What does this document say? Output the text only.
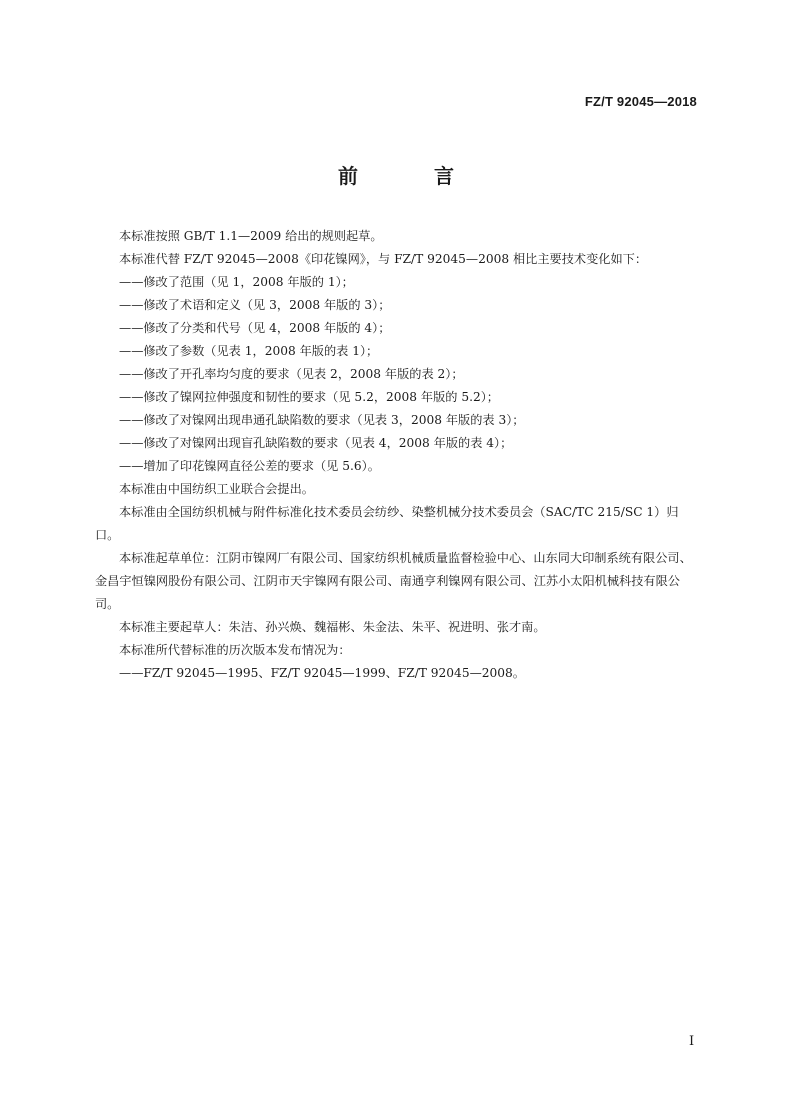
FZ/T 92045—2018
前　言

本标准按照 GB/T 1.1—2009 给出的规则起草。

本标准代替 FZ/T 92045—2008《印花镍网》，与 FZ/T 92045—2008 相比主要技术变化如下：

——修改了范围（见 1，2008 年版的 1）；

——修改了术语和定义（见 3，2008 年版的 3）；

——修改了分类和代号（见 4，2008 年版的 4）；

——修改了参数（见表 1，2008 年版的表 1）；

——修改了开孔率均匀度的要求（见表 2，2008 年版的表 2）；

——修改了镍网拉伸强度和韧性的要求（见 5.2，2008 年版的 5.2）；

——修改了对镍网出现串通孔缺陷数的要求（见表 3，2008 年版的表 3）；

——修改了对镍网出现盲孔缺陷数的要求（见表 4，2008 年版的表 4）；

——增加了印花镍网直径公差的要求（见 5.6）。

本标准由中国纺织工业联合会提出。

本标准由全国纺织机械与附件标准化技术委员会纺纱、染整机械分技术委员会（SAC/TC 215/SC 1）归口。

本标准起草单位：江阴市镍网厂有限公司、国家纺织机械质量监督检验中心、山东同大印制系统有限公司、金昌宇恒镍网股份有限公司、江阴市天宇镍网有限公司、南通亨利镍网有限公司、江苏小太阳机械科技有限公司。

本标准主要起草人：朱洁、孙兴焕、魏福彬、朱金法、朱平、祝进明、张才南。

本标准所代替标准的历次版本发布情况为：

——FZ/T 92045—1995、FZ/T 92045—1999、FZ/T 92045—2008。

I
